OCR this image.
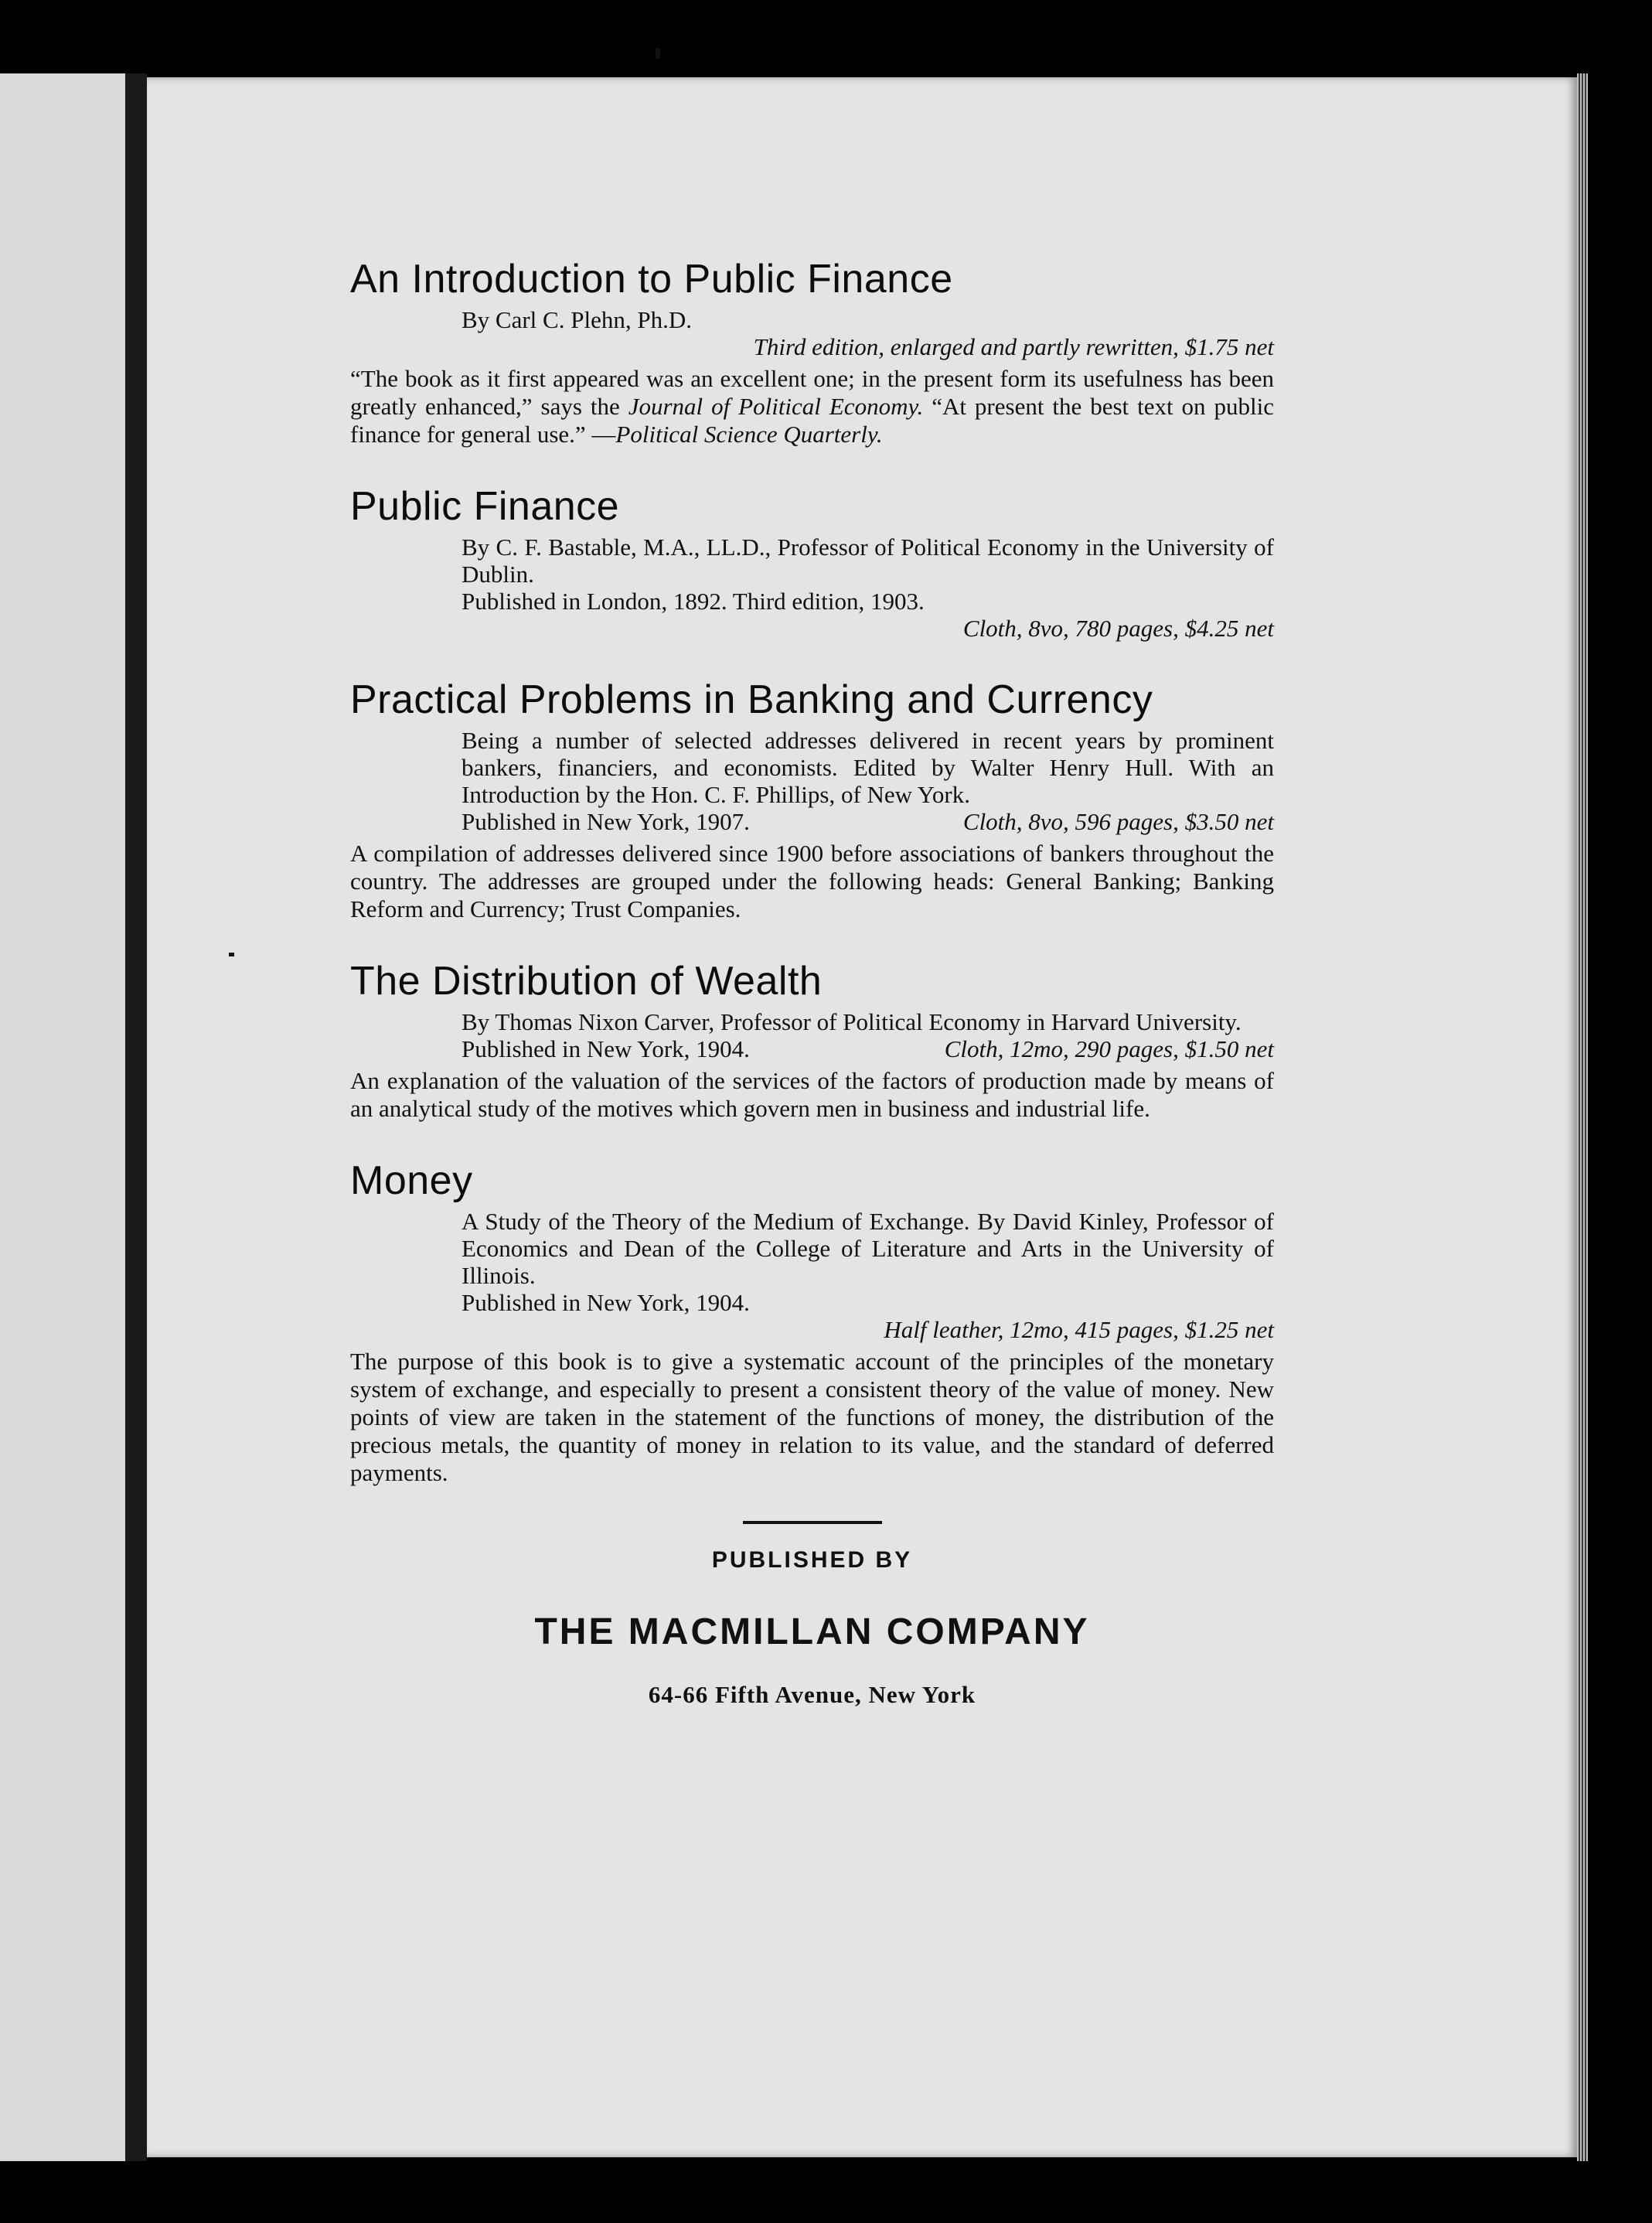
An Introduction to Public Finance
By Carl C. Plehn, Ph.D.
Third edition, enlarged and partly rewritten, $1.75 net
“The book as it first appeared was an excellent one; in the present form its usefulness has been greatly enhanced,” says the Journal of Political Economy. “At present the best text on public finance for general use.” —Political Science Quarterly.
Public Finance
By C. F. Bastable, M.A., LL.D., Professor of Political Economy in the University of Dublin.
Published in London, 1892. Third edition, 1903.
Cloth, 8vo, 780 pages, $4.25 net
Practical Problems in Banking and Currency
Being a number of selected addresses delivered in recent years by prominent bankers, financiers, and economists. Edited by Walter Henry Hull. With an Introduction by the Hon. C. F. Phillips, of New York.
Published in New York, 1907.	Cloth, 8vo, 596 pages, $3.50 net
A compilation of addresses delivered since 1900 before associations of bankers throughout the country. The addresses are grouped under the following heads: General Banking; Banking Reform and Currency; Trust Companies.
The Distribution of Wealth
By Thomas Nixon Carver, Professor of Political Economy in Harvard University.
Published in New York, 1904.	Cloth, 12mo, 290 pages, $1.50 net
An explanation of the valuation of the services of the factors of production made by means of an analytical study of the motives which govern men in business and industrial life.
Money
A Study of the Theory of the Medium of Exchange. By David Kinley, Professor of Economics and Dean of the College of Literature and Arts in the University of Illinois.
Published in New York, 1904.
Half leather, 12mo, 415 pages, $1.25 net
The purpose of this book is to give a systematic account of the principles of the monetary system of exchange, and especially to present a consistent theory of the value of money. New points of view are taken in the statement of the functions of money, the distribution of the precious metals, the quantity of money in relation to its value, and the standard of deferred payments.
PUBLISHED BY
THE MACMILLAN COMPANY
64-66 Fifth Avenue, New York
